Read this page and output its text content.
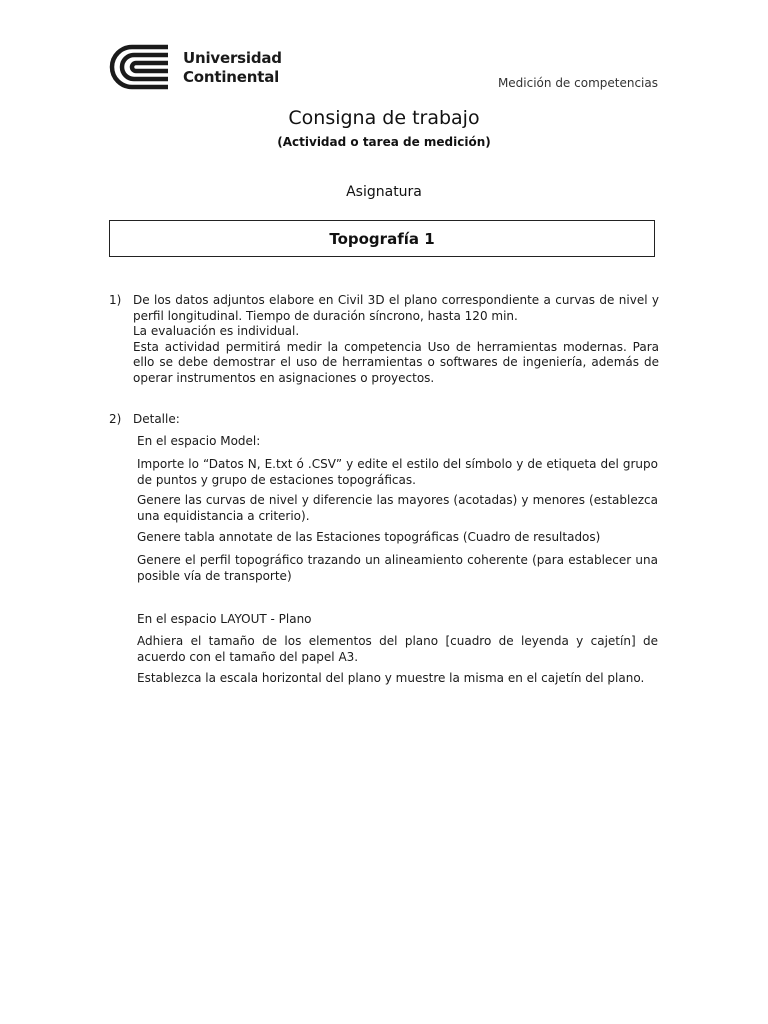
Universidad
Continental	Medición de competencias
Consigna de trabajo
(Actividad o tarea de medición)
Asignatura
Topografía 1
1) De los datos adjuntos elabore en Civil 3D el plano correspondiente a curvas de nivel y perfil longitudinal. Tiempo de duración síncrono, hasta 120 min.

La evaluación es individual.

Esta actividad permitirá medir la competencia Uso de herramientas modernas. Para ello se debe demostrar el uso de herramientas o softwares de ingeniería, además de operar instrumentos en asignaciones o proyectos.

2) Detalle:
En el espacio Model:
Importe lo “Datos N, E.txt ó .CSV” y edite el estilo del símbolo y de etiqueta del grupo de puntos y grupo de estaciones topográficas.
Genere las curvas de nivel y diferencie las mayores (acotadas) y menores (establezca una equidistancia a criterio).
Genere tabla annotate de las Estaciones topográficas (Cuadro de resultados)
Genere el perfil topográfico trazando un alineamiento coherente (para establecer una posible vía de transporte)
En el espacio LAYOUT - Plano
Adhiera el tamaño de los elementos del plano [cuadro de leyenda y cajetín] de acuerdo con el tamaño del papel A3.
Establezca la escala horizontal del plano y muestre la misma en el cajetín del plano.
